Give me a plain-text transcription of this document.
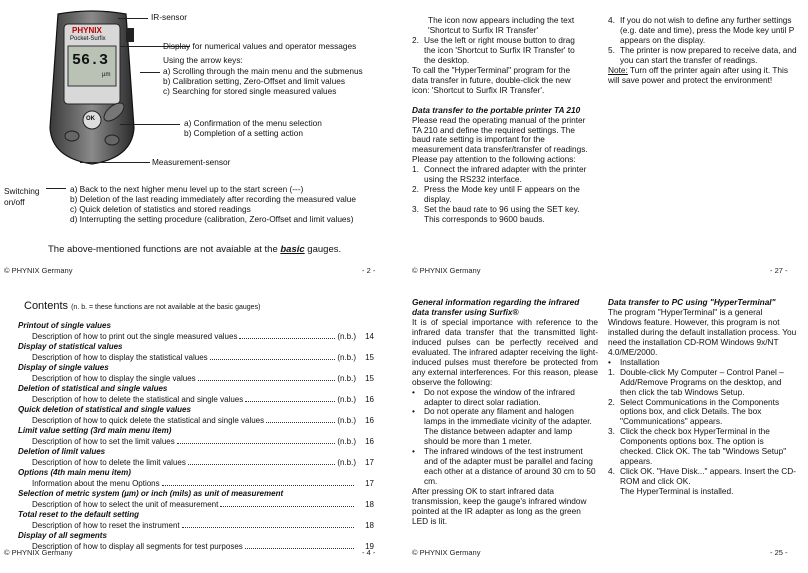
PHYNIX
Pocket-Surfix
56.3
µm
OK
IR-sensor
Display for numerical values and operator messages
Using the arrow keys:
a) Scrolling through the main menu and the submenus
b) Calibration setting, Zero-Offset and limit values
c) Searching for stored single measured values
a) Confirmation of the menu selection
b) Completion of a setting action
Measurement-sensor
Switching
on/off
a) Back to the next higher menu level up to the start screen (---)
b) Deletion of the last reading immediately after recording the measured value
c) Quick deletion of statistics and stored readings
d) Interrupting the setting procedure (calibration, Zero-Offset and limit values)
The above-mentioned functions are not avaiable at the basic gauges.
© PHYNIX Germany	- 2 -

The icon now appears including the text

'Shortcut to Surfix IR Transfer'

2. Use the left or right mouse button to drag the icon 'Shortcut to Surfix IR Transfer' to the desktop.

To call the "HyperTerminal" program for the data transfer in future, double-click the new icon: 'Shortcut to Surfix IR Transfer'.

Data transfer to the portable printer TA 210

Please read the operating manual of the printer TA 210 and define the required settings. The baud rate setting is important for the measurement data transfer/transfer of readings. Please pay attention to the following actions:

1. Connect the infrared adapter with the printer using the RS232 interface.
2. Press the Mode key until F appears on the display.
3. Set the baud rate to 96 using the SET key. This corresponds to 9600 bauds.
4. If you do not wish to define any further settings (e.g. date and time), press the Mode key until P appears on the display.
5. The printer is now prepared to receive data, and you can start the transfer of readings.

Note: Turn off the printer again after using it. This will save power and protect the environment!

© PHYNIX Germany	- 27 -
Contents (n. b. = these functions are not available at the basic gauges)
Printout of single values
Description of how to print out the single measured values	(n.b.)	14
Display of statistical values
Description of how to display the statistical values	(n.b.)	15
Display of single values
Description of how to display the single values	(n.b.)	15
Deletion of statistical and single values
Description of how to delete the statistical and single values	(n.b.)	16
Quick deletion of statistical and single values
Description of how to quick delete the statistical and single values	(n.b.)	16
Limit value setting (3rd main menu item)
Description of how to set the limit values	(n.b.)	16
Deletion of limit values
Description of how to delete the limit values	(n.b.)	17
Options (4th main menu item)
Information about the menu Options	17
Selection of metric system (µm) or inch (mils) as unit of measurement
Description of how to select the unit of measurement	18
Total reset to the default setting
Description of how to reset the instrument	18
Display of all segments
Description of how to display all segments for test purposes	19
© PHYNIX Germany	- 4 -

General information regarding the infrared data transfer using Surfix®

It is of special importance with reference to the infrared data transfer that the transmitted light-induced pulses can be perfectly received and evaluated. The infrared adapter receiving the light-induced pulses must therefore be protected from any external interferences. For this reason, please observe the following:

•	Do not expose the window of the infrared adapter to direct solar radiation.
•	Do not operate any filament and halogen lamps in the immediate vicinity of the adapter. The distance between adapter and lamp should be more than 1 meter.
•	The infrared windows of the test instrument and of the adapter must be parallel and facing each other at a distance of around 30 cm to 50 cm.

After pressing OK to start infrared data transmission, keep the gauge's infrared window pointed at the IR adapter as long as the green LED is lit.

Data transfer to PC using "HyperTerminal"

The program "HyperTerminal" is a general Windows feature. However, this program is not installed during the default installation process. You need the installation CD-ROM Windows 9x/NT 4.0/ME/2000.

•	Installation
1. Double-click My Computer – Control Panel – Add/Remove Programs on the desktop, and then click the tab Windows Setup.
2. Select Communications in the Components options box, and click Details. The box "Communications" appears.
3. Click the check box HyperTerminal in the Components options box. The option is checked. Click OK. The tab "Windows Setup" appears.
4. Click OK. "Have Disk..." appears. Insert the CD-ROM and click OK.

The HyperTerminal is installed.

© PHYNIX Germany	- 25 -
